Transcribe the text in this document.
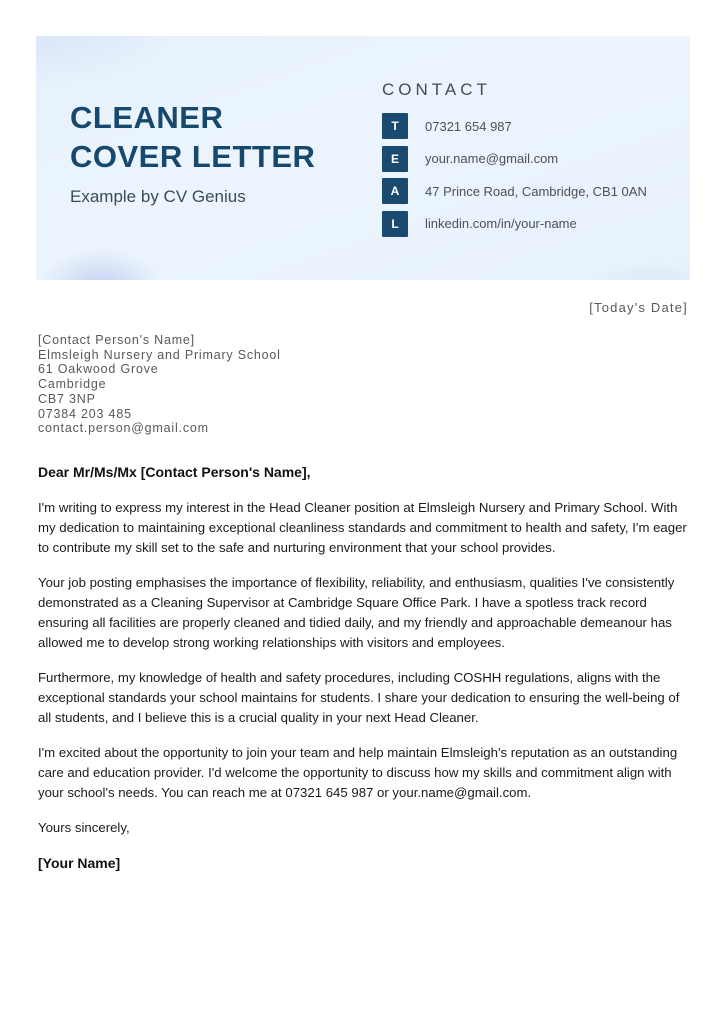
CLEANER
COVER LETTER
Example by CV Genius
CONTACT
T	07321 654 987
E	your.name@gmail.com
A	47 Prince Road, Cambridge, CB1 0AN
L	linkedin.com/in/your-name

[Today's Date]

[Contact Person's Name]
Elmsleigh Nursery and Primary School
61 Oakwood Grove
Cambridge
CB7 3NP
07384 203 485
contact.person@gmail.com

Dear Mr/Ms/Mx [Contact Person's Name],

I'm writing to express my interest in the Head Cleaner position at Elmsleigh Nursery and Primary School. With my dedication to maintaining exceptional cleanliness standards and commitment to health and safety, I'm eager to contribute my skill set to the safe and nurturing environment that your school provides.

Your job posting emphasises the importance of flexibility, reliability, and enthusiasm, qualities I've consistently demonstrated as a Cleaning Supervisor at Cambridge Square Office Park. I have a spotless track record ensuring all facilities are properly cleaned and tidied daily, and my friendly and approachable demeanour has allowed me to develop strong working relationships with visitors and employees.

Furthermore, my knowledge of health and safety procedures, including COSHH regulations, aligns with the exceptional standards your school maintains for students. I share your dedication to ensuring the well-being of all students, and I believe this is a crucial quality in your next Head Cleaner.

I'm excited about the opportunity to join your team and help maintain Elmsleigh's reputation as an outstanding care and education provider. I'd welcome the opportunity to discuss how my skills and commitment align with your school's needs. You can reach me at 07321 645 987 or your.name@gmail.com.

Yours sincerely,

[Your Name]
